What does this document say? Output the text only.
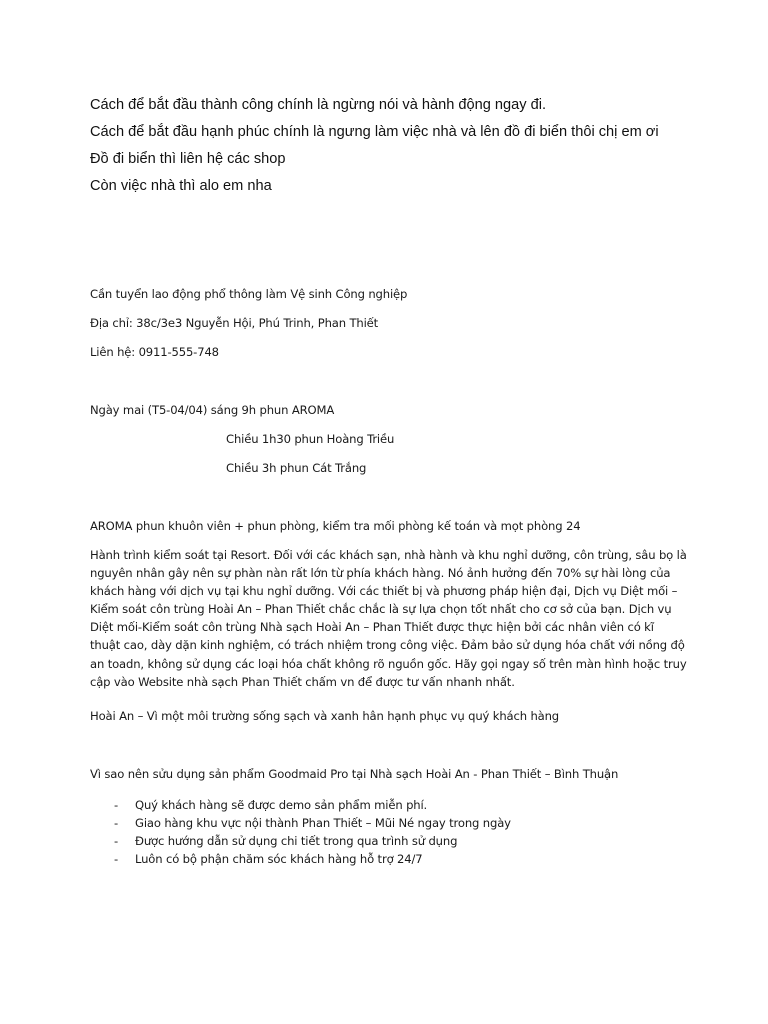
Cách để bắt đầu thành công chính là ngừng nói và hành động ngay đi.

Cách để bắt đầu hạnh phúc chính là ngưng làm việc nhà và lên đồ đi biển thôi chị em ơi

Đồ đi biển thì liên hệ các shop

Còn việc nhà thì alo em nha

Cần tuyển lao động phổ thông làm Vệ sinh Công nghiệp

Địa chỉ: 38c/3e3 Nguyễn Hội, Phú Trinh, Phan Thiết

Liên hệ: 0911-555-748

Ngày mai (T5-04/04) sáng 9h phun AROMA

Chiều 1h30 phun Hoàng Triều

Chiều 3h phun Cát Trắng

AROMA phun khuôn viên + phun phòng, kiểm tra mối phòng kế toán và mọt phòng 24

Hành trình kiểm soát tại Resort. Đối với các khách sạn, nhà hành và khu nghỉ dưỡng, côn trùng, sâu bọ là
nguyên nhân gây nên sự phàn nàn rất lớn từ phía khách hàng. Nó ảnh hưởng đến 70% sự hài lòng của
khách hàng với dịch vụ tại khu nghỉ dưỡng. Với các thiết bị và phương pháp hiện đại, Dịch vụ Diệt mối –
Kiểm soát côn trùng Hoài An – Phan Thiết chắc chắc là sự lựa chọn tốt nhất cho cơ sở của bạn. Dịch vụ
Diệt mối-Kiểm soát côn trùng Nhà sạch Hoài An – Phan Thiết được thực hiện bởi các nhân viên có kĩ
thuật cao, dày dặn kinh nghiệm, có trách nhiệm trong công việc. Đảm bảo sử dụng hóa chất với nồng độ
an toadn, không sử dụng các loại hóa chất không rõ nguồn gốc. Hãy gọi ngay số trên màn hình hoặc truy
cập vào Website nhà sạch Phan Thiết chấm vn để được tư vấn nhanh nhất.

Hoài An – Vì một môi trường sống sạch và xanh hân hạnh phục vụ quý khách hàng

Vì sao nên sửu dụng sản phẩm Goodmaid Pro tại Nhà sạch Hoài An - Phan Thiết – Bình Thuận

- Quý khách hàng sẽ được demo sản phẩm miễn phí.
- Giao hàng khu vực nội thành Phan Thiết – Mũi Né ngay trong ngày
- Được hướng dẫn sử dụng chi tiết trong qua trình sử dụng
- Luôn có bộ phận chăm sóc khách hàng hỗ trợ 24/7
